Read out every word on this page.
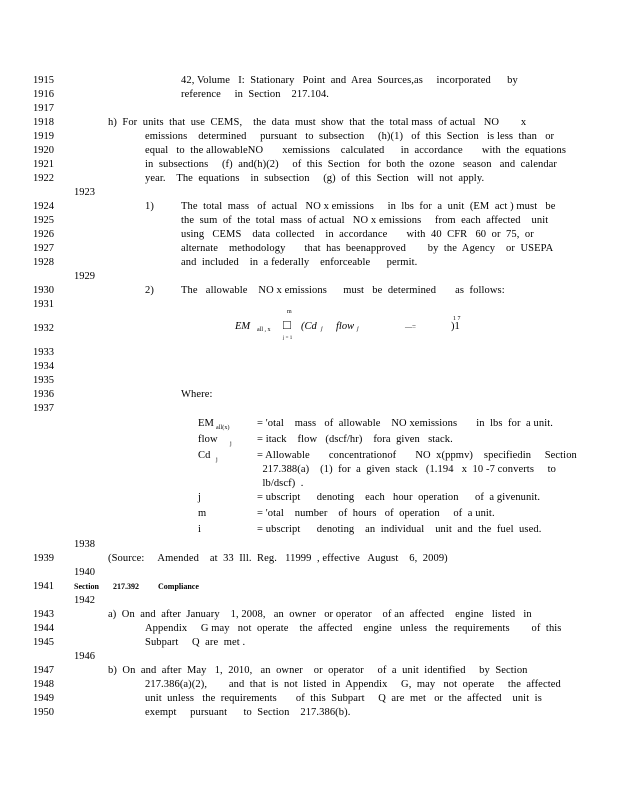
EM all , x
m
□
j = 1
(Cd j flow j	—=
1 7
)1
1915	42, Volume   I:  Stationary   Point  and  Area  Sources,as     incorporated      by
1916	reference     in  Section    217.104.
1917
1918	h)  For  units  that  use  CEMS,    the  data  must  show  that  the  total mass  of actual   NO        x
1919	emissions    determined     pursuant   to  subsection     (h)(1)   of  this  Section   is less  than   or
1920	equal   to  the allowableNO       xemissions    calculated      in  accordance       with  the  equations
1921	in  subsections     (f)  and(h)(2)     of  this  Section   for  both  the  ozone   season   and  calendar
1922	year.    The  equations    in  subsection     (g)  of  this  Section   will  not  apply.
1924	1)          The  total  mass   of  actual   NO x emissions     in  lbs  for  a  unit  (EM  act ) must   be
1925	the  sum  of  the  total  mass  of actual   NO x emissions     from  each  affected    unit
1926	using   CEMS    data  collected    in  accordance       with  40  CFR   60  or  75,  or
1927	alternate    methodology       that  has  beenapproved        by  the  Agency    or  USEPA
1928	and  included    in  a federally    enforceable      permit.
1930	2)          The   allowable    NO x emissions      must   be  determined       as  follows:
1931
1932
1933
1934
1935
1936	Where:
1937
1939	(Source:     Amended    at  33  Ill.  Reg.   11999  , effective   August    6,  2009)
1943	a)  On  and  after  January    1, 2008,   an  owner   or operator    of an  affected    engine   listed   in
1944	Appendix     G may   not  operate    the  affected    engine   unless   the  requirements        of  this
1945	Subpart     Q  are  met .
1947	b)  On  and  after  May   1,  2010,   an  owner    or  operator     of  a  unit  identified     by  Section
1948	217.386(a)(2),        and  that  is  not  listed  in  Appendix     G,  may   not  operate     the  affected
1949	unit  unless   the  requirements       of  this  Subpart     Q  are  met   or  the  affected    unit  is
1950	exempt     pursuant      to  Section    217.386(b).
1923
1929
1938
1940
1942
1946
1941	Section 217.392 Compliance
EM all(x)	= 'otal    mass   of  allowable    NO xemissions       in  lbs  for  a unit.
flow j = itack    flow   (dscf/hr)    fora  given   stack.
Cd j	= Allowable       concentrationof       NO  x(ppmv)    specifiedin     Section
217.388(a)    (1)  for  a  given  stack   (1.194   x  10 -7 converts     to
lb/dscf)  .
j	= ubscript      denoting    each   hour  operation      of  a givenunit.
m	= 'otal    number    of  hours   of  operation     of  a unit.
i	= ubscript      denoting    an  individual    unit  and  the  fuel  used.
